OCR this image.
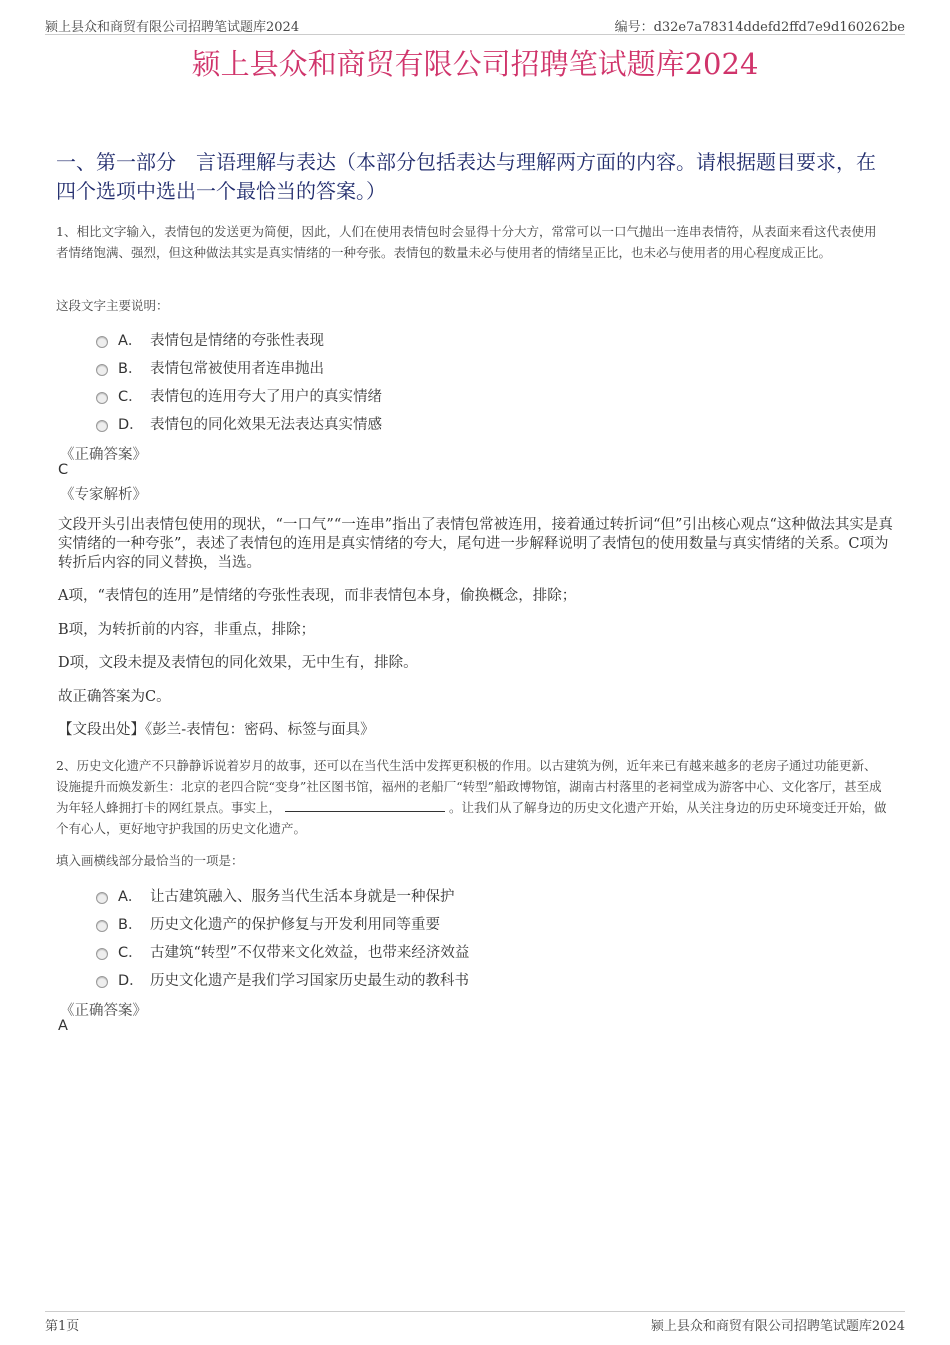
颍上县众和商贸有限公司招聘笔试题库2024	编号：d32e7a78314ddefd2ffd7e9d160262be
颍上县众和商贸有限公司招聘笔试题库2024
一、第一部分　言语理解与表达（本部分包括表达与理解两方面的内容。请根据题目要求，在四个选项中选出一个最恰当的答案。）
1、相比文字输入，表情包的发送更为简便，因此，人们在使用表情包时会显得十分大方，常常可以一口气抛出一连串表情符，从表面来看这代表使用者情绪饱满、强烈，但这种做法其实是真实情绪的一种夸张。表情包的数量未必与使用者的情绪呈正比，也未必与使用者的用心程度成正比。
这段文字主要说明：
A． 表情包是情绪的夸张性表现
B． 表情包常被使用者连串抛出
C． 表情包的连用夸大了用户的真实情绪
D． 表情包的同化效果无法表达真实情感
《正确答案》
C
《专家解析》
文段开头引出表情包使用的现状，“一口气”“一连串”指出了表情包常被连用，接着通过转折词“但”引出核心观点“这种做法其实是真实情绪的一种夸张”，表述了表情包的连用是真实情绪的夸大，尾句进一步解释说明了表情包的使用数量与真实情绪的关系。C项为转折后内容的同义替换，当选。
A项，“表情包的连用”是情绪的夸张性表现，而非表情包本身，偷换概念，排除；
B项，为转折前的内容，非重点，排除；
D项，文段未提及表情包的同化效果，无中生有，排除。
故正确答案为C。
【文段出处】《彭兰-表情包：密码、标签与面具》
2、历史文化遗产不只静静诉说着岁月的故事，还可以在当代生活中发挥更积极的作用。以古建筑为例，近年来已有越来越多的老房子通过功能更新、设施提升而焕发新生：北京的老四合院“变身”社区图书馆，福州的老船厂“转型”船政博物馆，湖南古村落里的老祠堂成为游客中心、文化客厅，甚至成为年轻人蜂拥打卡的网红景点。事实上，	。让我们从了解身边的历史文化遗产开始，从关注身边的历史环境变迁开始，做个有心人，更好地守护我国的历史文化遗产。
填入画横线部分最恰当的一项是：
A． 让古建筑融入、服务当代生活本身就是一种保护
B． 历史文化遗产的保护修复与开发利用同等重要
C． 古建筑“转型”不仅带来文化效益，也带来经济效益
D． 历史文化遗产是我们学习国家历史最生动的教科书
《正确答案》
A
第1页	颍上县众和商贸有限公司招聘笔试题库2024
